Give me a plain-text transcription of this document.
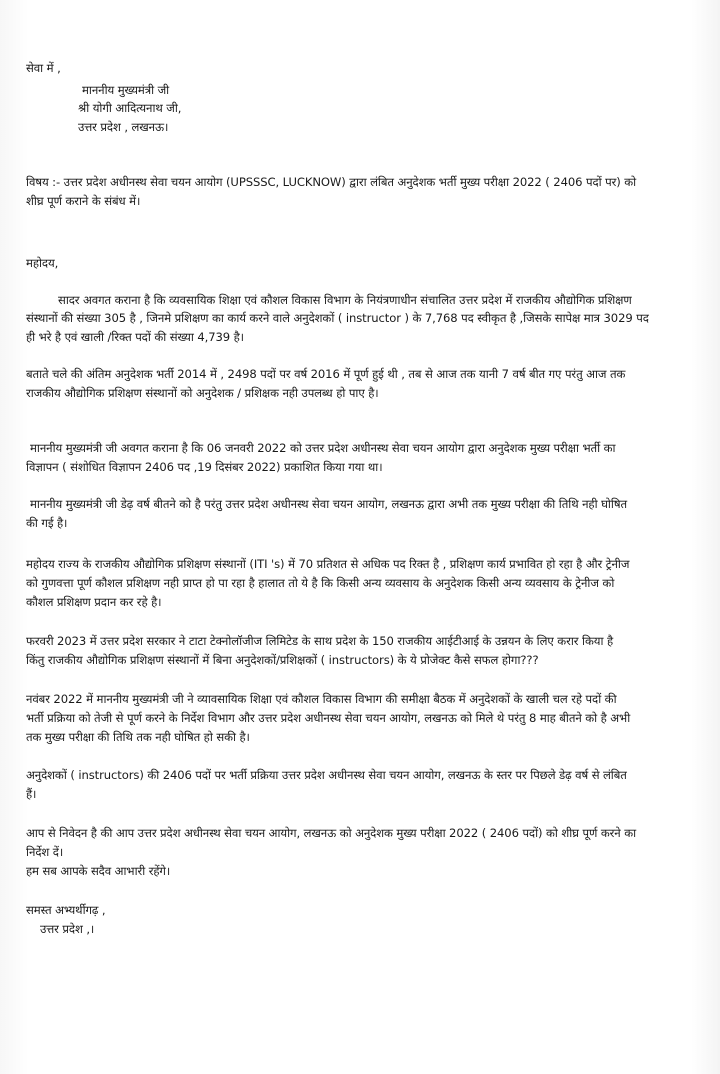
सेवा में ,
माननीय मुख्यमंत्री जी
श्री योगी आदित्यनाथ जी,
उत्तर प्रदेश , लखनऊ।
विषय :- उत्तर प्रदेश अधीनस्थ सेवा चयन आयोग (UPSSSC, LUCKNOW) द्वारा लंबित अनुदेशक भर्ती मुख्य परीक्षा 2022 ( 2406 पदों पर) को
शीघ्र पूर्ण कराने के संबंध में।
महोदय,
सादर अवगत कराना है कि व्यवसायिक शिक्षा एवं कौशल विकास विभाग के नियंत्रणाधीन संचालित उत्तर प्रदेश में राजकीय औद्योगिक प्रशिक्षण
संस्थानों की संख्या 305 है , जिनमे प्रशिक्षण का कार्य करने वाले अनुदेशकों ( instructor ) के 7,768 पद स्वीकृत है ,जिसके सापेक्ष मात्र 3029 पद
ही भरे है एवं खाली /रिक्त पदों की संख्या 4,739 है।
बताते चले की अंतिम अनुदेशक भर्ती 2014 में , 2498 पदों पर वर्ष 2016 में पूर्ण हुई थी , तब से आज तक यानी 7 वर्ष बीत गए परंतु आज तक
राजकीय औद्योगिक प्रशिक्षण संस्थानों को अनुदेशक / प्रशिक्षक नही उपलब्ध हो पाए है।
माननीय मुख्यमंत्री जी अवगत कराना है कि 06 जनवरी 2022 को उत्तर प्रदेश अधीनस्थ सेवा चयन आयोग द्वारा अनुदेशक मुख्य परीक्षा भर्ती का
विज्ञापन ( संशोधित विज्ञापन 2406 पद ,19 दिसंबर 2022) प्रकाशित किया गया था।
माननीय मुख्यमंत्री जी डेढ़ वर्ष बीतने को है परंतु उत्तर प्रदेश अधीनस्थ सेवा चयन आयोग, लखनऊ द्वारा अभी तक मुख्य परीक्षा की तिथि नही घोषित
की गई है।
महोदय राज्य के राजकीय औद्योगिक प्रशिक्षण संस्थानों (ITI 's) में 70 प्रतिशत से अधिक पद रिक्त है , प्रशिक्षण कार्य प्रभावित हो रहा है और ट्रेनीज
को गुणवत्ता पूर्ण कौशल प्रशिक्षण नही प्राप्त हो पा रहा है हालात तो ये है कि किसी अन्य व्यवसाय के अनुदेशक किसी अन्य व्यवसाय के ट्रेनीज को
कौशल प्रशिक्षण प्रदान कर रहे है।
फरवरी 2023 में उत्तर प्रदेश सरकार ने टाटा टेक्नोलॉजीज लिमिटेड के साथ प्रदेश के 150 राजकीय आईटीआई के उन्नयन के लिए करार किया है
किंतु राजकीय औद्योगिक प्रशिक्षण संस्थानों में बिना अनुदेशकों/प्रशिक्षकों ( instructors) के ये प्रोजेक्ट कैसे सफल होगा???
नवंबर 2022 में माननीय मुख्यमंत्री जी ने व्यावसायिक शिक्षा एवं कौशल विकास विभाग की समीक्षा बैठक में अनुदेशकों के खाली चल रहे पदों की
भर्ती प्रक्रिया को तेजी से पूर्ण करने के निर्देश विभाग और उत्तर प्रदेश अधीनस्थ सेवा चयन आयोग, लखनऊ को मिले थे परंतु 8 माह बीतने को है अभी
तक मुख्य परीक्षा की तिथि तक नही घोषित हो सकी है।
अनुदेशकों ( instructors) की 2406 पदों पर भर्ती प्रक्रिया उत्तर प्रदेश अधीनस्थ सेवा चयन आयोग, लखनऊ के स्तर पर पिछले डेढ़ वर्ष से लंबित
हैं।
आप से निवेदन है की आप उत्तर प्रदेश अधीनस्थ सेवा चयन आयोग, लखनऊ को अनुदेशक मुख्य परीक्षा 2022 ( 2406 पदों) को शीघ्र पूर्ण करने का
निर्देश दें।
हम सब आपके सदैव आभारी रहेंगे।
समस्त अभ्यर्थीगढ़ ,
उत्तर प्रदेश ,।
